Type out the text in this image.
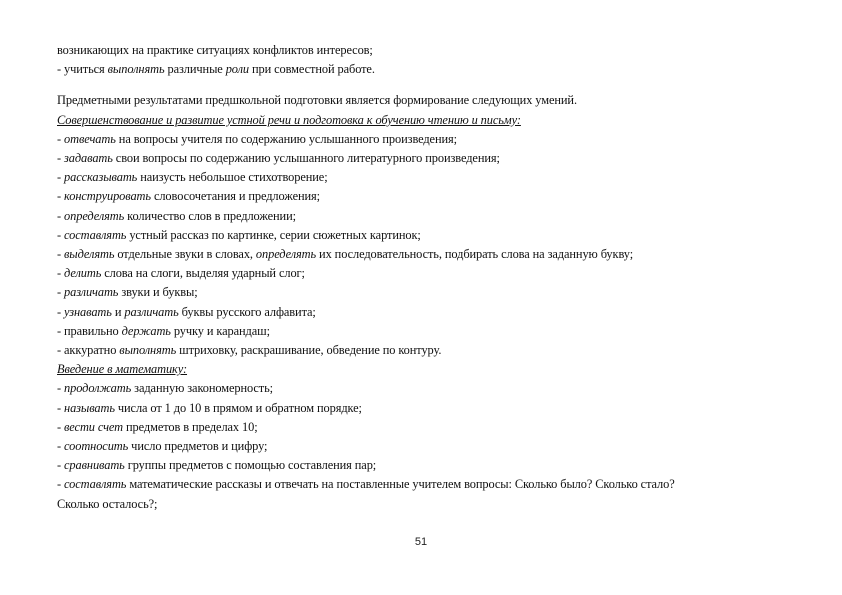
возникающих на практике ситуациях конфликтов интересов;
- учиться выполнять различные роли при совместной работе.
Предметными результатами предшкольной подготовки является формирование следующих умений.
Совершенствование и развитие устной речи и подготовка к обучению чтению и письму:
- отвечать на вопросы учителя по содержанию услышанного произведения;
- задавать свои вопросы по содержанию услышанного литературного произведения;
- рассказывать наизусть небольшое стихотворение;
- конструировать словосочетания и предложения;
- определять количество слов в предложении;
- составлять устный рассказ по картинке, серии сюжетных картинок;
- выделять отдельные звуки в словах, определять их последовательность, подбирать слова на заданную букву;
- делить слова на слоги, выделяя ударный слог;
- различать звуки и буквы;
- узнавать и различать буквы русского алфавита;
- правильно держать ручку и карандаш;
- аккуратно выполнять штриховку, раскрашивание, обведение по контуру.
Введение в математику:
- продолжать заданную закономерность;
- называть числа от 1 до 10 в прямом и обратном порядке;
- вести счет предметов в пределах 10;
- соотносить число предметов и цифру;
- сравнивать группы предметов с помощью составления пар;
- составлять математические рассказы и отвечать на поставленные учителем вопросы: Сколько было? Сколько стало?
Сколько осталось?;
51
